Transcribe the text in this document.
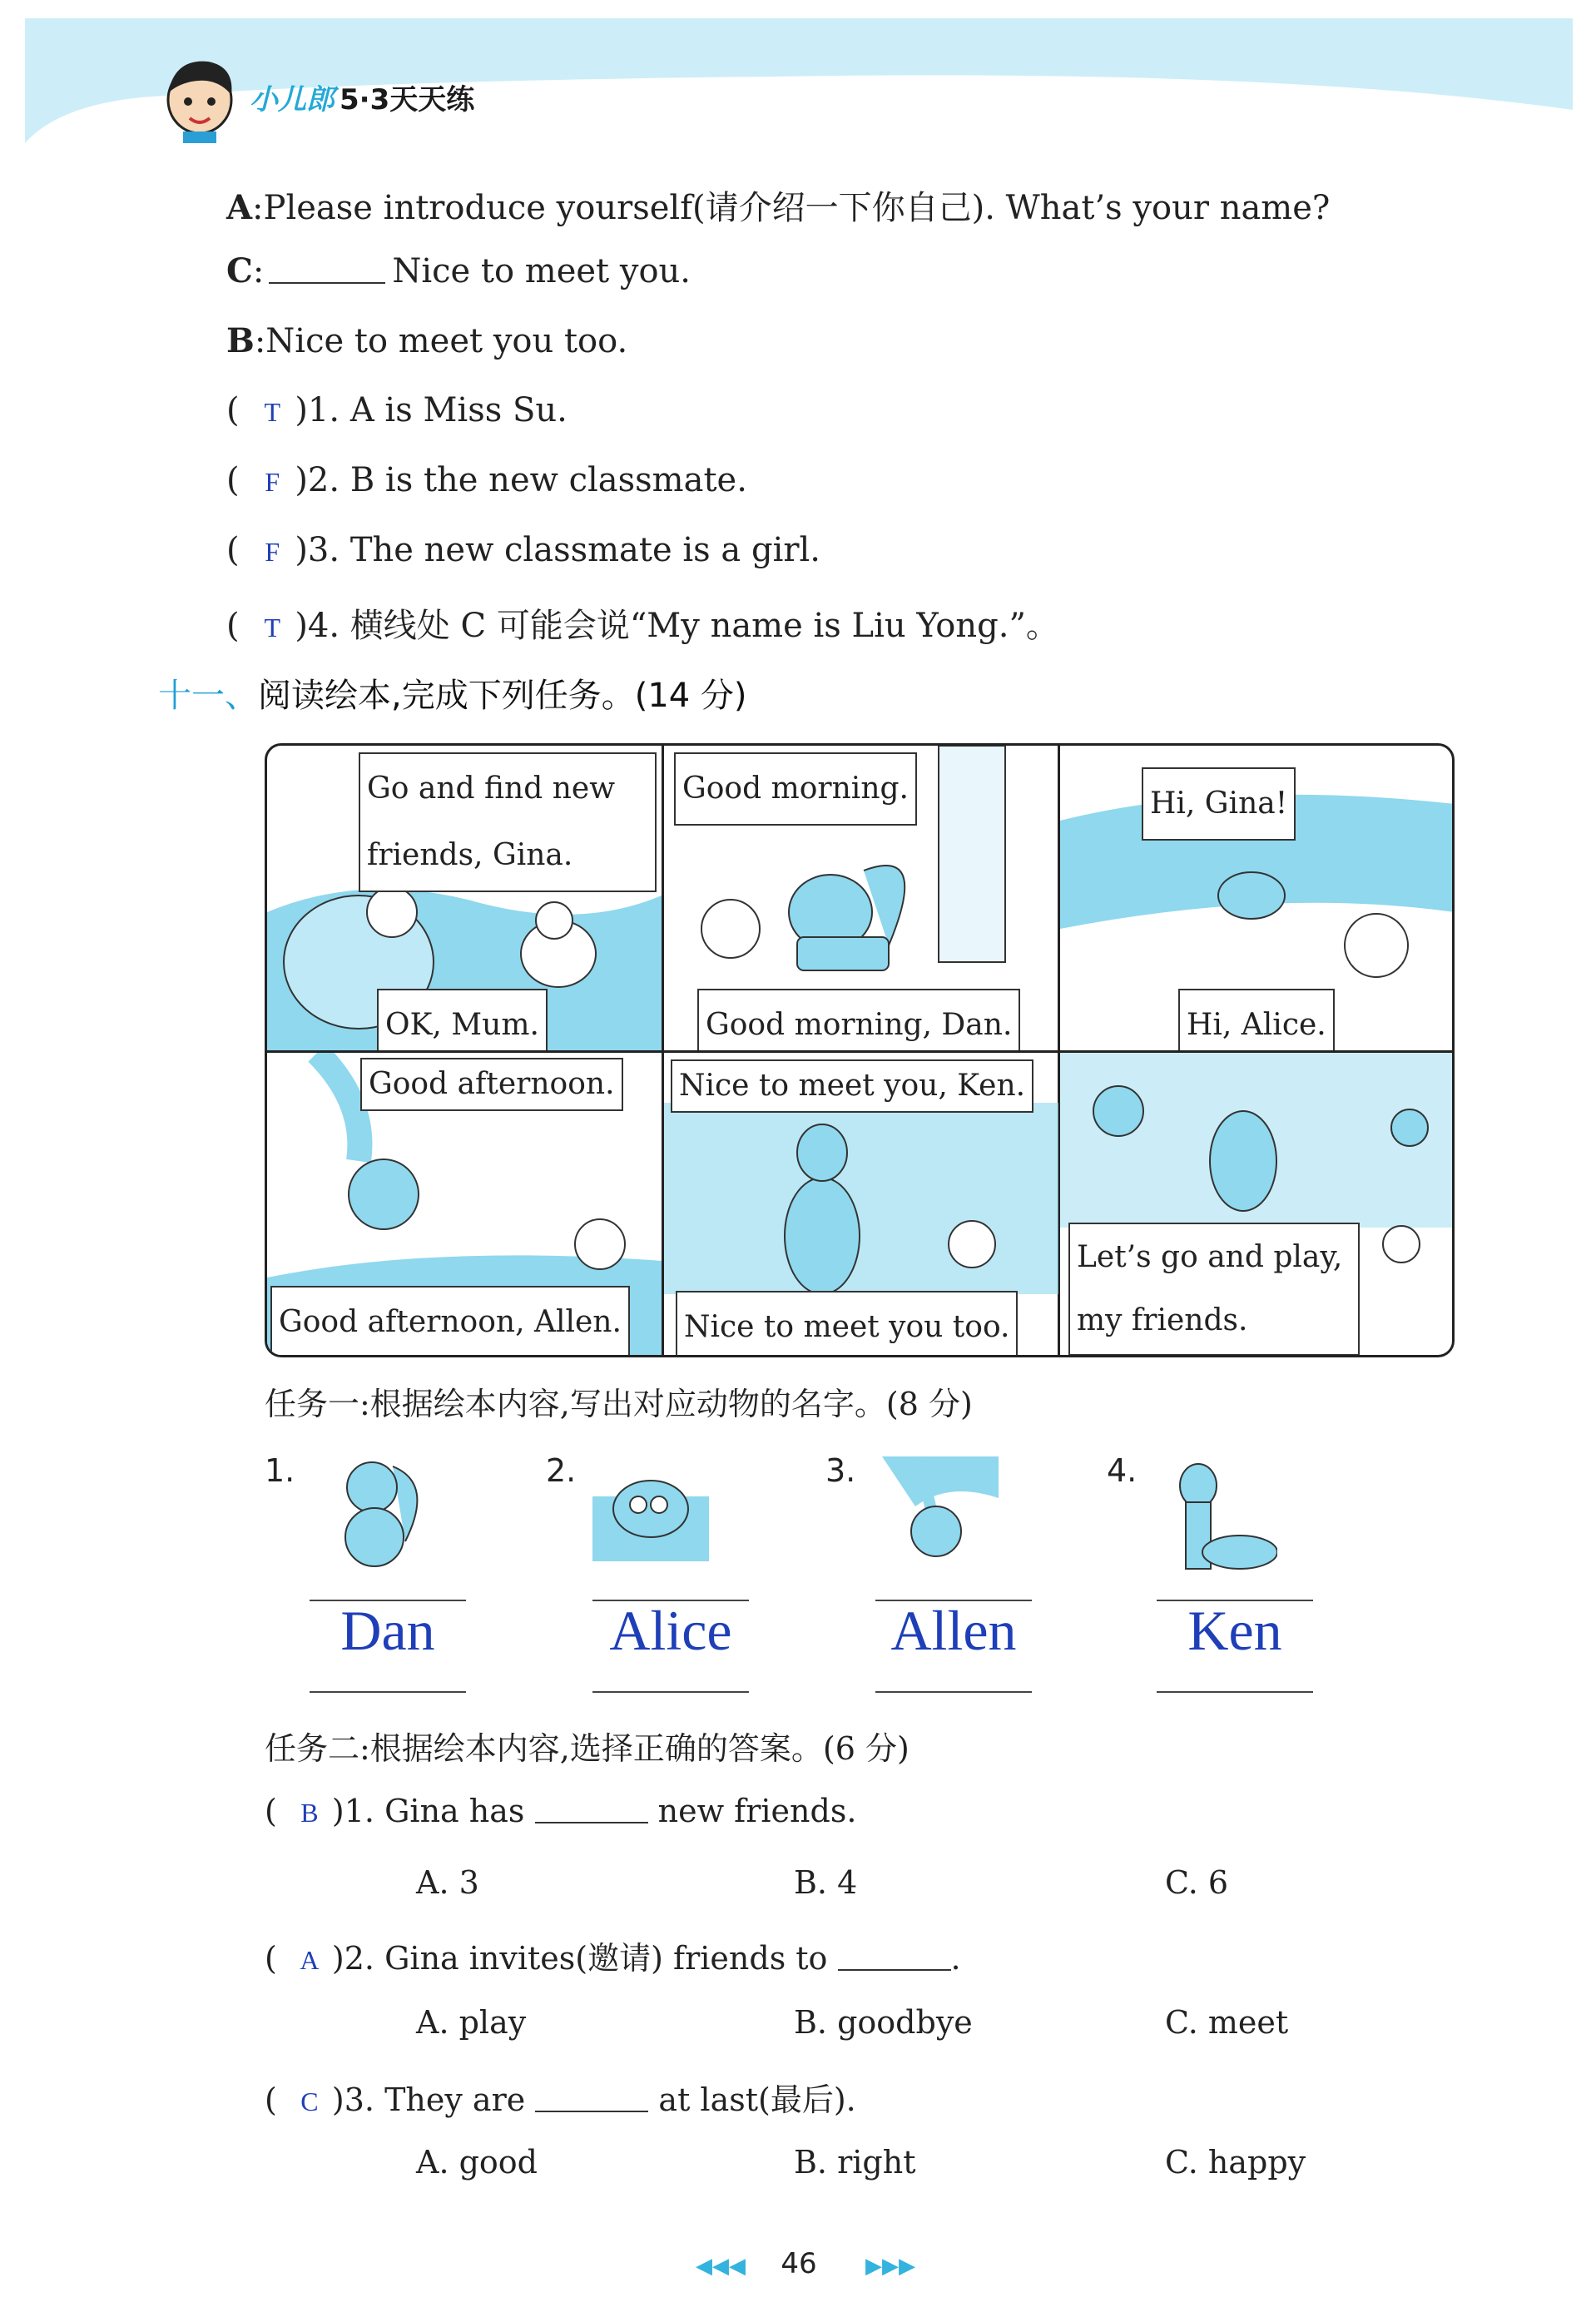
小儿郎 5·3天天练
A:Please introduce yourself(请介绍一下你自己). What’s your name?
C:	Nice to meet you.
B:Nice to meet you too.
( T )1. A is Miss Su.
( F )2. B is the new classmate.
( F )3. The new classmate is a girl.
( T )4. 横线处 C 可能会说“My name is Liu Yong.”。
十一、阅读绘本,完成下列任务。(14 分)
Go and find new friends, Gina.
OK, Mum.
Good morning.
Good morning, Dan.
Hi, Gina!
Hi, Alice.
Good afternoon.
Good afternoon, Allen.
Nice to meet you, Ken.
Nice to meet you too.
Let’s go and play, my friends.
任务一:根据绘本内容,写出对应动物的名字。(8 分)
1.
Dan
2.
Alice
3.
Allen
4.
Ken
任务二:根据绘本内容,选择正确的答案。(6 分)
( B )1. Gina has	new friends.
A. 3	B. 4	C. 6
( A )2. Gina invites(邀请) friends to	.
A. play	B. goodbye	C. meet
( C )3. They are	at last(最后).
A. good	B. right	C. happy
◀◀◀	46	▶▶▶
